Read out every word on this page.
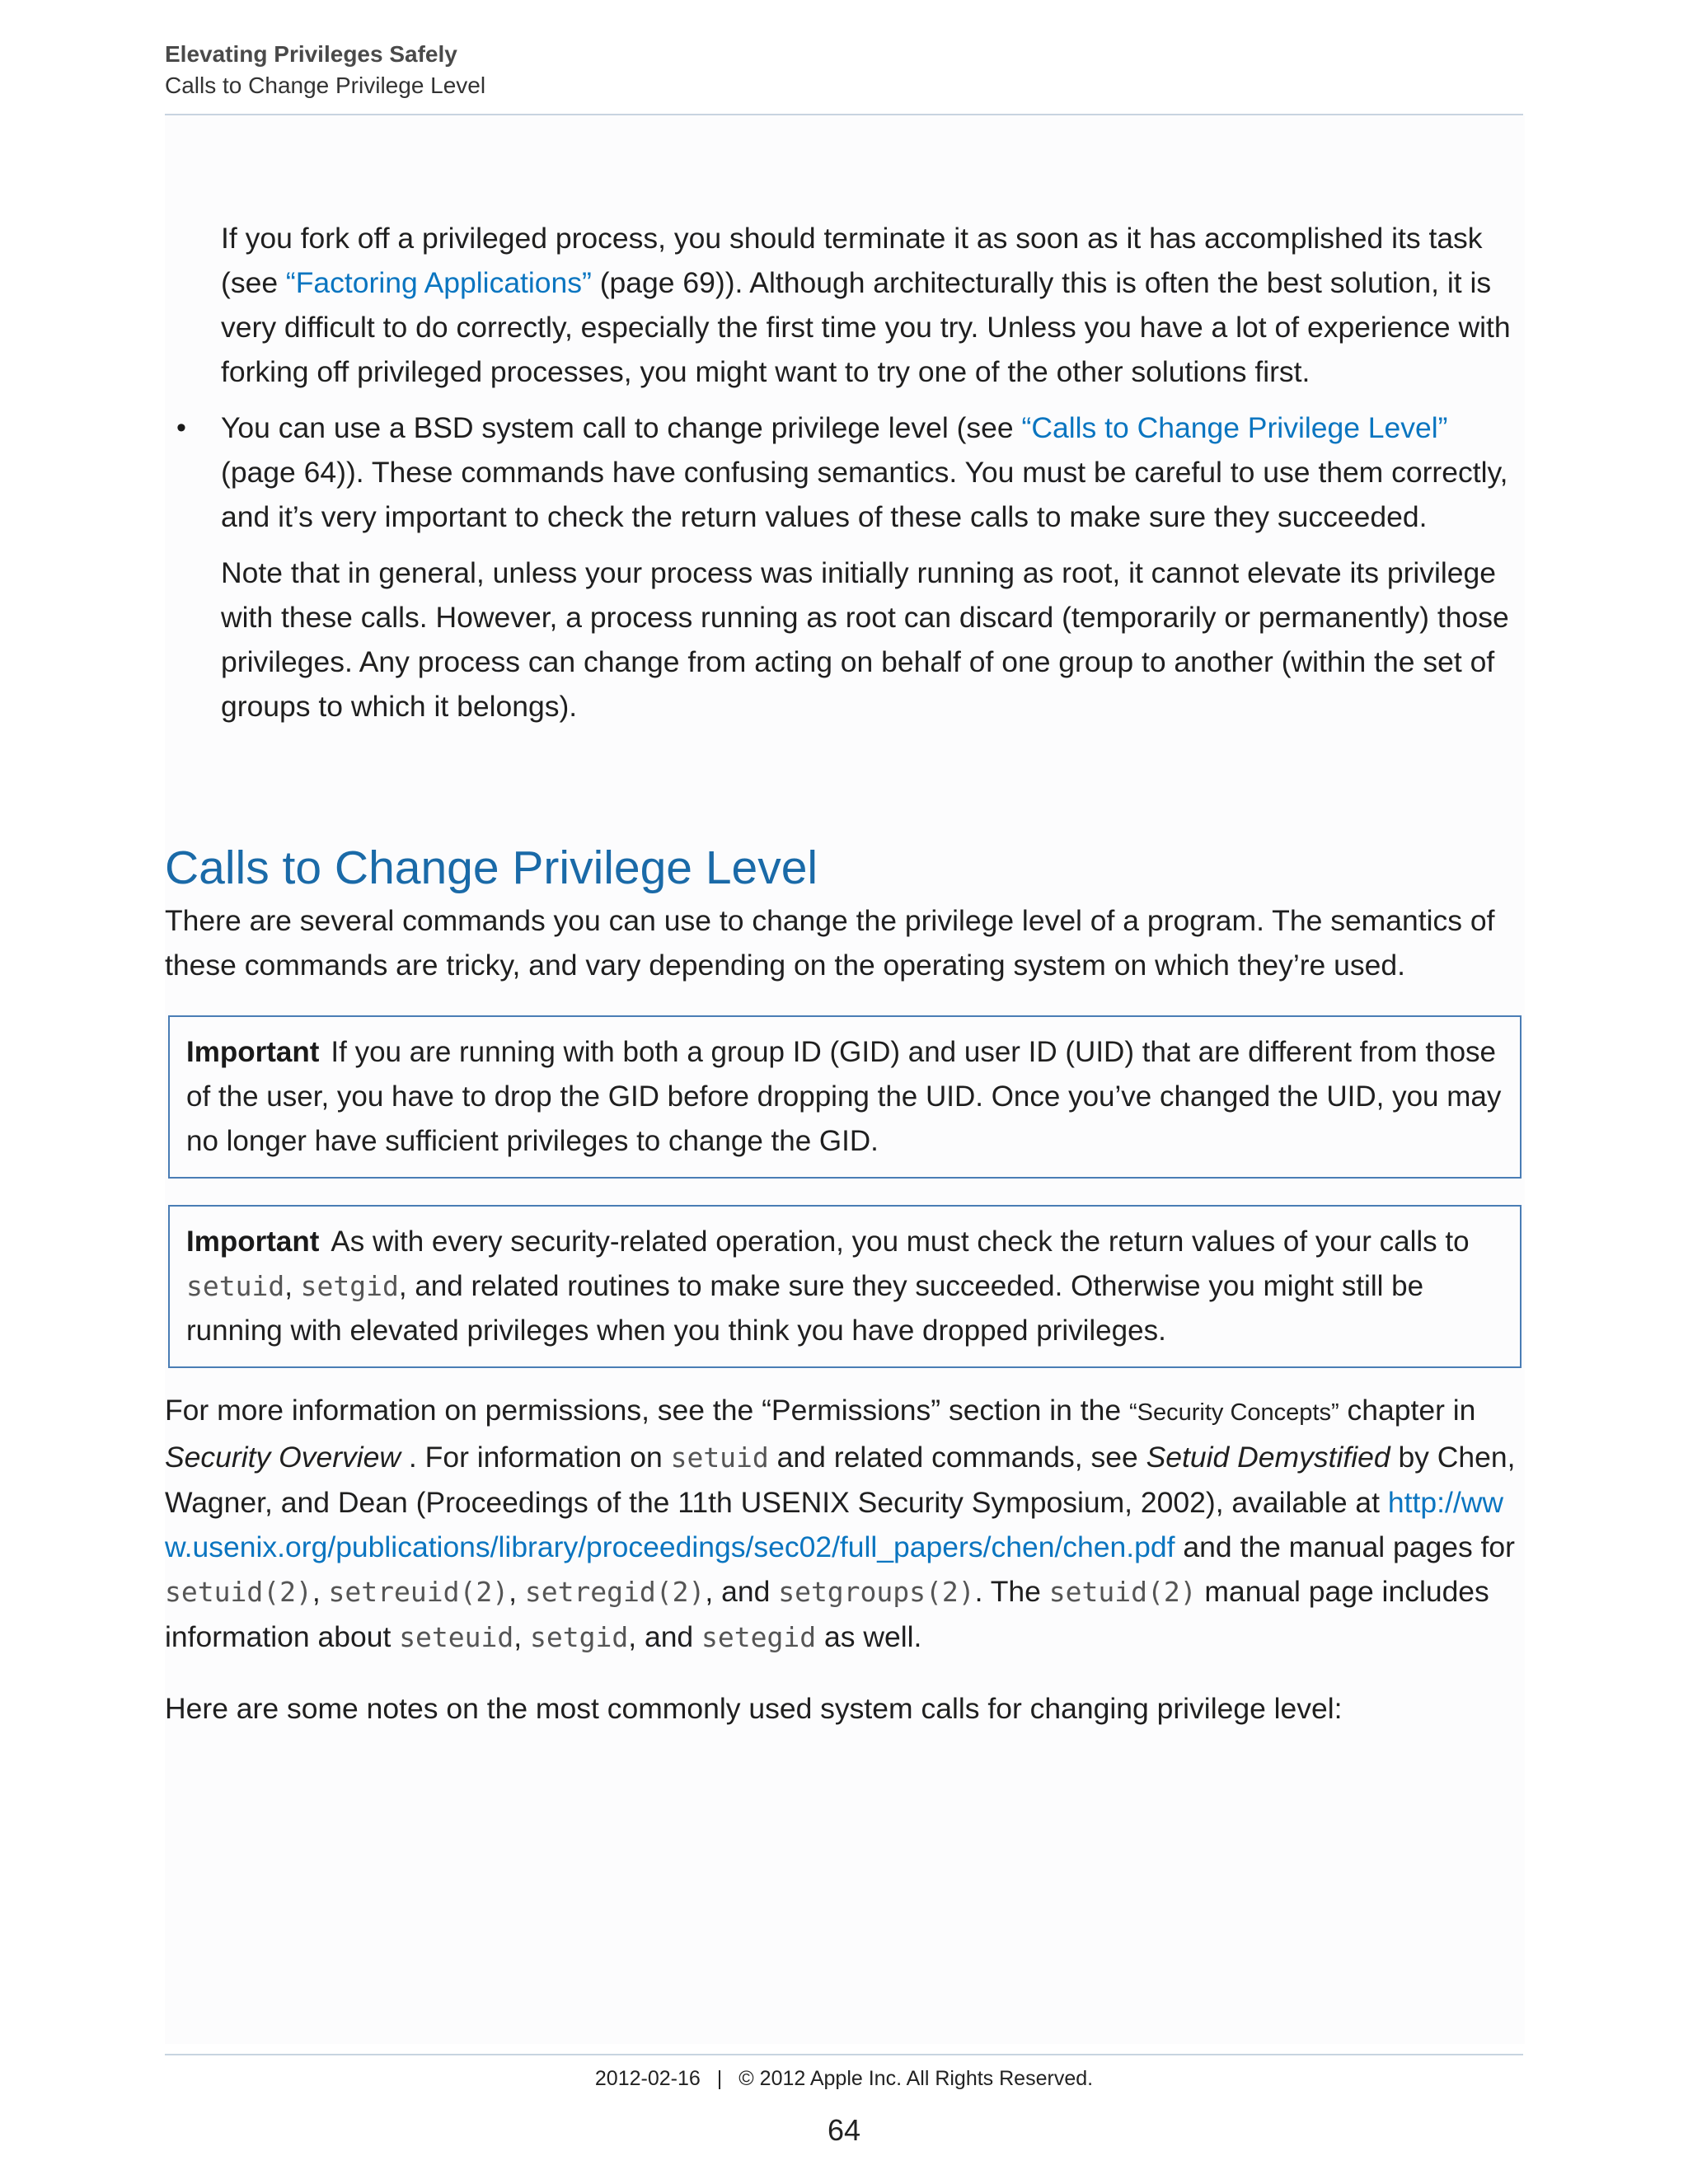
Elevating Privileges Safely
Calls to Change Privilege Level

If you fork off a privileged process, you should terminate it as soon as it has accomplished its task (see “Factoring Applications” (page 69)). Although architecturally this is often the best solution, it is very difficult to do correctly, especially the first time you try. Unless you have a lot of experience with forking off privileged processes, you might want to try one of the other solutions first.

• You can use a BSD system call to change privilege level (see “Calls to Change Privilege Level” (page 64)). These commands have confusing semantics. You must be careful to use them correctly, and it’s very important to check the return values of these calls to make sure they succeeded.

Note that in general, unless your process was initially running as root, it cannot elevate its privilege with these calls. However, a process running as root can discard (temporarily or permanently) those privileges. Any process can change from acting on behalf of one group to another (within the set of groups to which it belongs).

Calls to Change Privilege Level

There are several commands you can use to change the privilege level of a program. The semantics of these commands are tricky, and vary depending on the operating system on which they’re used.

Important If you are running with both a group ID (GID) and user ID (UID) that are different from those of the user, you have to drop the GID before dropping the UID. Once you’ve changed the UID, you may no longer have sufficient privileges to change the GID.

Important As with every security-related operation, you must check the return values of your calls to setuid, setgid, and related routines to make sure they succeeded. Otherwise you might still be running with elevated privileges when you think you have dropped privileges.

For more information on permissions, see the “Permissions” section in the “Security Concepts” chapter in Security Overview . For information on setuid and related commands, see Setuid Demystified by Chen, Wagner, and Dean (Proceedings of the 11th USENIX Security Symposium, 2002), available at http://www.usenix.org/publications/library/proceedings/sec02/full_papers/chen/chen.pdf and the manual pages for setuid(2), setreuid(2), setregid(2), and setgroups(2). The setuid(2) manual page includes information about seteuid, setgid, and setegid as well.

Here are some notes on the most commonly used system calls for changing privilege level:

2012-02-16 | © 2012 Apple Inc. All Rights Reserved.
64
